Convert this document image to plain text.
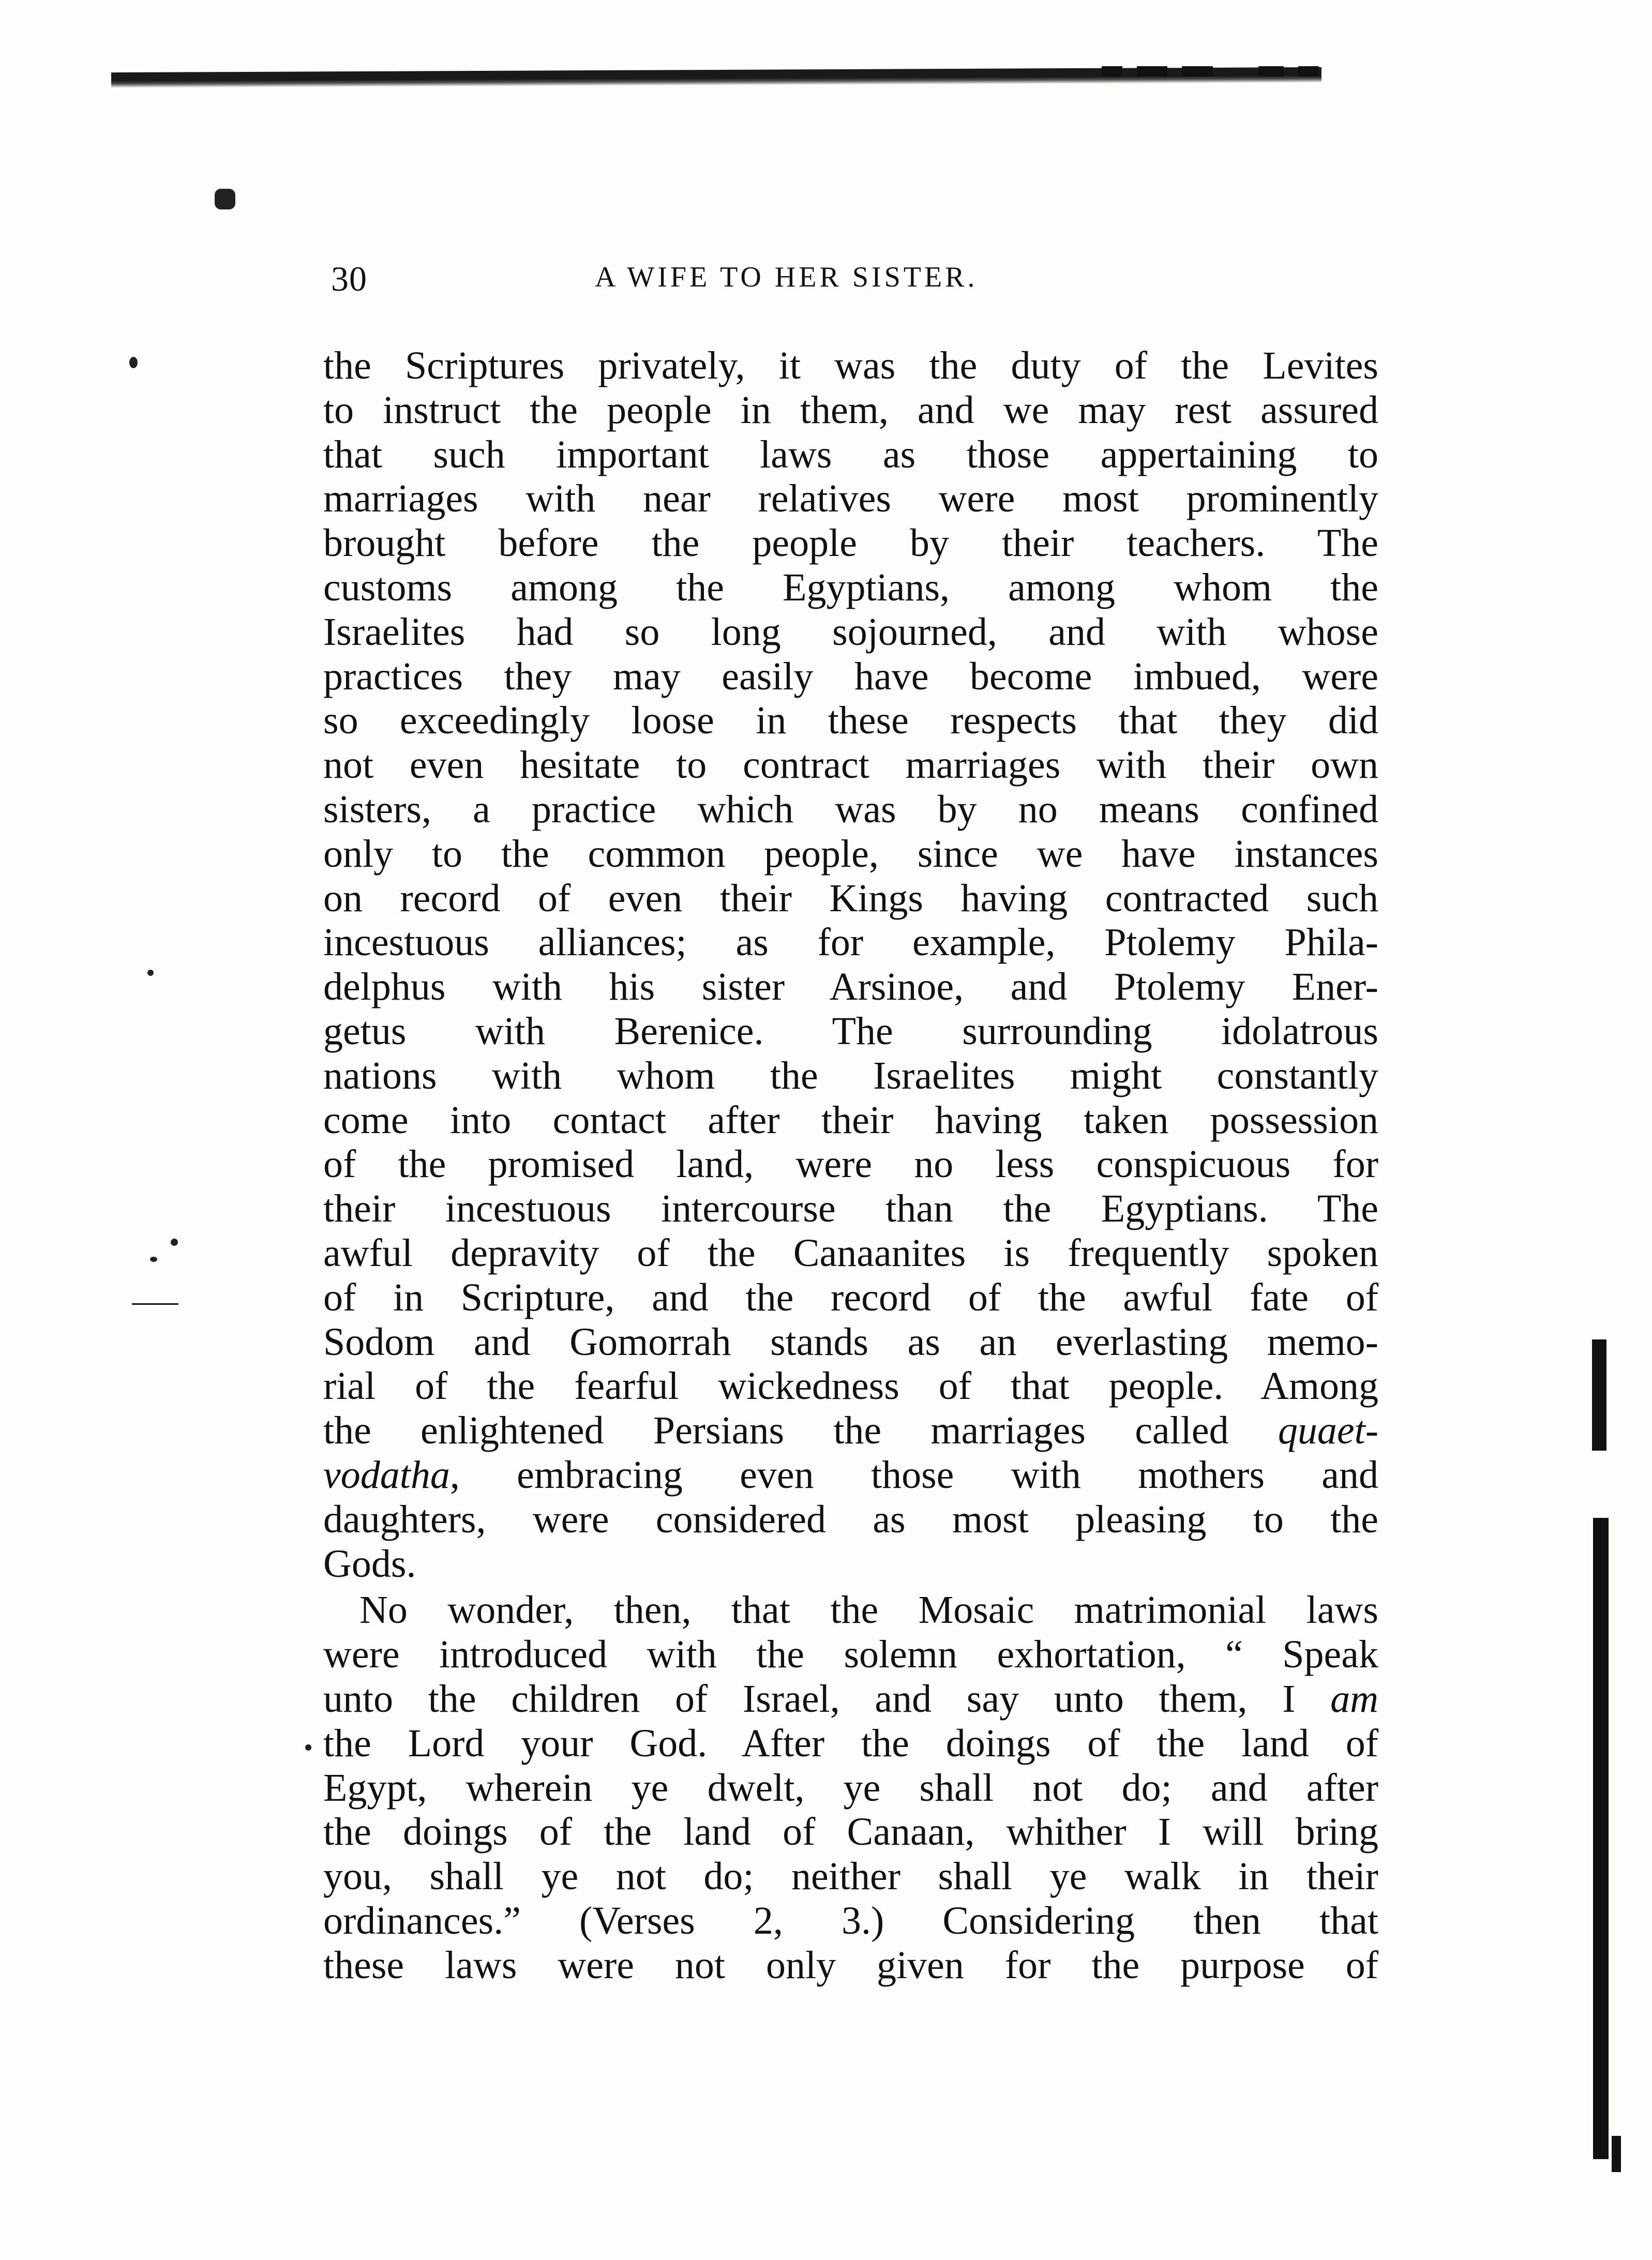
30	A WIFE TO HER SISTER.
the Scriptures privately, it was the duty of the Levites
to instruct the people in them, and we may rest assured
that such important laws as those appertaining to
marriages with near relatives were most prominently
brought before the people by their teachers. The
customs among the Egyptians, among whom the
Israelites had so long sojourned, and with whose
practices they may easily have become imbued, were
so exceedingly loose in these respects that they did
not even hesitate to contract marriages with their own
sisters, a practice which was by no means confined
only to the common people, since we have instances
on record of even their Kings having contracted such
incestuous alliances; as for example, Ptolemy Phila-
delphus with his sister Arsinoe, and Ptolemy Ener-
getus with Berenice. The surrounding idolatrous
nations with whom the Israelites might constantly
come into contact after their having taken possession
of the promised land, were no less conspicuous for
their incestuous intercourse than the Egyptians. The
awful depravity of the Canaanites is frequently spoken
of in Scripture, and the record of the awful fate of
Sodom and Gomorrah stands as an everlasting memo-
rial of the fearful wickedness of that people. Among
the enlightened Persians the marriages called quaet-
vodatha, embracing even those with mothers and
daughters, were considered as most pleasing to the
Gods.
No wonder, then, that the Mosaic matrimonial laws
were introduced with the solemn exhortation, “ Speak
unto the children of Israel, and say unto them, I am
the Lord your God. After the doings of the land of
Egypt, wherein ye dwelt, ye shall not do; and after
the doings of the land of Canaan, whither I will bring
you, shall ye not do; neither shall ye walk in their
ordinances.” (Verses 2, 3.) Considering then that
these laws were not only given for the purpose of
